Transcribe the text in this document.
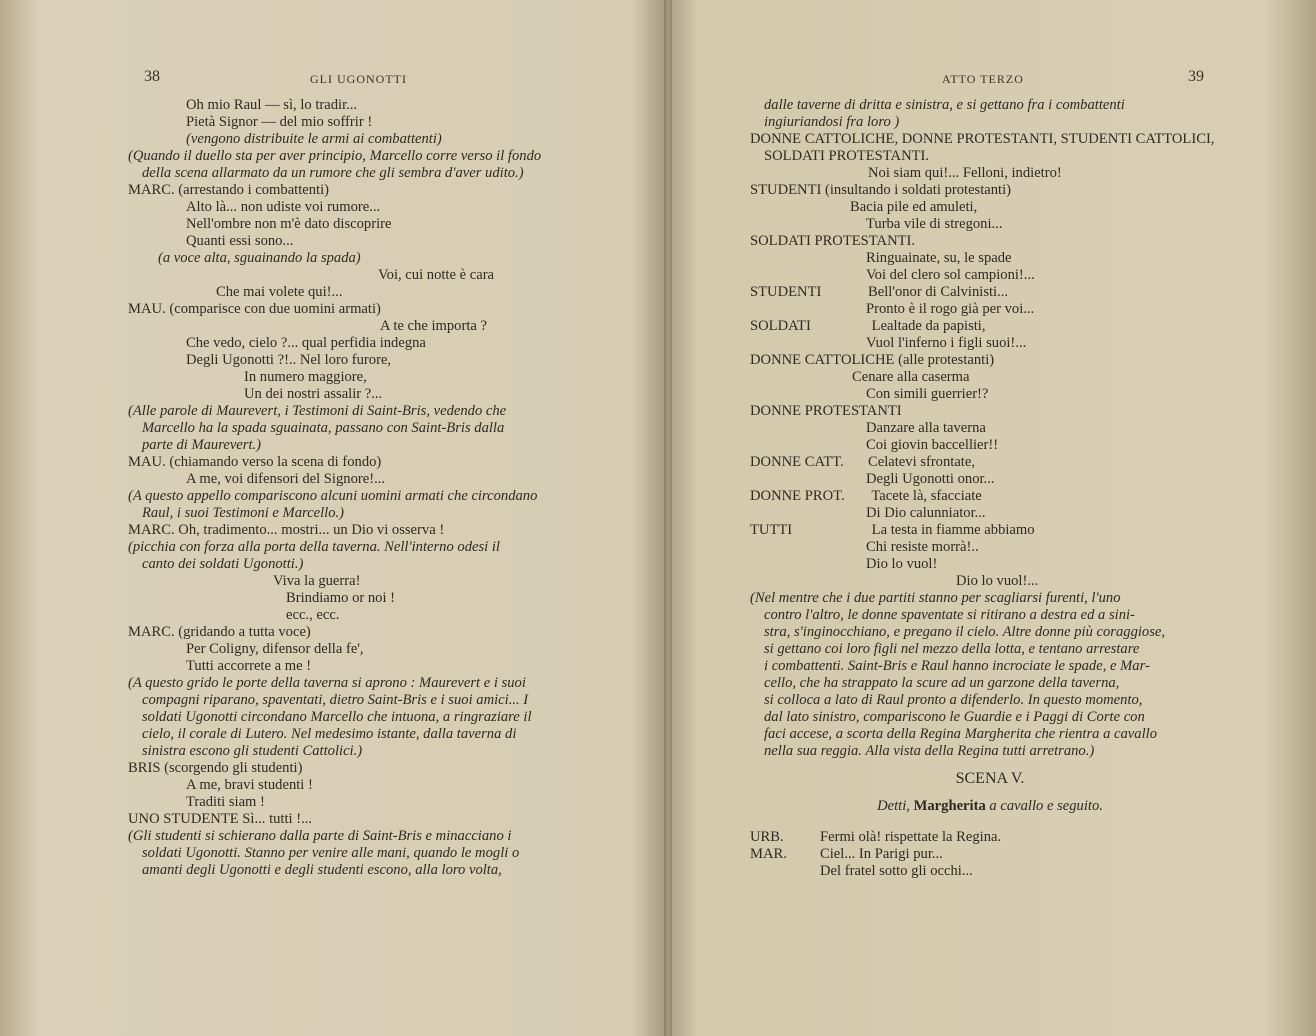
38	GLI UGONOTTI
Oh mio Raul — sì, lo tradir...
Pietà Signor — del mio soffrir !
(vengono distribuite le armi ai combattenti)
(Quando il duello sta per aver principio, Marcello corre verso il fondo
della scena allarmato da un rumore che gli sembra d'aver udito.)
MARC. (arrestando i combattenti)
Alto là... non udiste voi rumore...
Nell'ombre non m'è dato discoprire
Quanti essi sono...
(a voce alta, sguainando la spada)
Voi, cui notte è cara
Che mai volete qui!...
MAU. (comparisce con due uomini armati)
A te che importa ?
Che vedo, cielo ?... qual perfidia indegna
Degli Ugonotti ?!.. Nel loro furore,
In numero maggiore,
Un dei nostri assalir ?...
(Alle parole di Maurevert, i Testimoni di Saint-Bris, vedendo che
Marcello ha la spada sguainata, passano con Saint-Bris dalla
parte di Maurevert.)
MAU. (chiamando verso la scena di fondo)
A me, voi difensori del Signore!...
(A questo appello compariscono alcuni uomini armati che circondano
Raul, i suoi Testimoni e Marcello.)
MARC. Oh, tradimento... mostri... un Dio vi osserva !
(picchia con forza alla porta della taverna. Nell'interno odesi il
canto dei soldati Ugonotti.)
Viva la guerra!
Brindiamo or noi !
ecc., ecc.
MARC. (gridando a tutta voce)
Per Coligny, difensor della fe',
Tutti accorrete a me !
(A questo grido le porte della taverna si aprono : Maurevert e i suoi
compagni riparano, spaventati, dietro Saint-Bris e i suoi amici... I
soldati Ugonotti circondano Marcello che intuona, a ringraziare il
cielo, il corale di Lutero. Nel medesimo istante, dalla taverna di
sinistra escono gli studenti Cattolici.)
BRIS (scorgendo gli studenti)
A me, bravi studenti !
Traditi siam !
UNO STUDENTE Sì... tutti !...
(Gli studenti si schierano dalla parte di Saint-Bris e minacciano i
soldati Ugonotti. Stanno per venire alle mani, quando le mogli o
amanti degli Ugonotti e degli studenti escono, alla loro volta,
ATTO TERZO	39
dalle taverne di dritta e sinistra, e si gettano fra i combattenti
ingiuriandosi fra loro )
DONNE CATTOLICHE, DONNE PROTESTANTI, STUDENTI CATTOLICI,
SOLDATI PROTESTANTI.
Noi siam qui!... Felloni, indietro!
STUDENTI (insultando i soldati protestanti)
Bacia pile ed amuleti,
Turba vile di stregoni...
SOLDATI PROTESTANTI.
Ringuainate, su, le spade
Voi del clero sol campioni!...
STUDENTI	Bell'onor di Calvinisti...
Pronto è il rogo già per voi...
SOLDATI	Lealtade da papisti,
Vuol l'inferno i figli suoi!...
DONNE CATTOLICHE (alle protestanti)
Cenare alla caserma
Con simili guerrier!?
DONNE PROTESTANTI
Danzare alla taverna
Coi giovin baccellier!!
DONNE CATT. Celatevi sfrontate,
Degli Ugonotti onor...
DONNE PROT. Tacete là, sfacciate
Di Dio calunniator...
TUTTI	La testa in fiamme abbiamo
Chi resiste morrà!..
Dio lo vuol!
Dio lo vuol!...
(Nel mentre che i due partiti stanno per scagliarsi furenti, l'uno
contro l'altro, le donne spaventate si ritirano a destra ed a sini-
stra, s'inginocchiano, e pregano il cielo. Altre donne più coraggiose,
si gettano coi loro figli nel mezzo della lotta, e tentano arrestare
i combattenti. Saint-Bris e Raul hanno incrociate le spade, e Mar-
cello, che ha strappato la scure ad un garzone della taverna,
si colloca a lato di Raul pronto a difenderlo. In questo momento,
dal lato sinistro, compariscono le Guardie e i Paggi di Corte con
faci accese, a scorta della Regina Margherita che rientra a cavallo
nella sua reggia. Alla vista della Regina tutti arretrano.)
SCENA V.
Detti, Margherita a cavallo e seguito.
URB. Fermi olà! rispettate la Regina.
MAR. Ciel... In Parigi pur...
Del fratel sotto gli occhi...
